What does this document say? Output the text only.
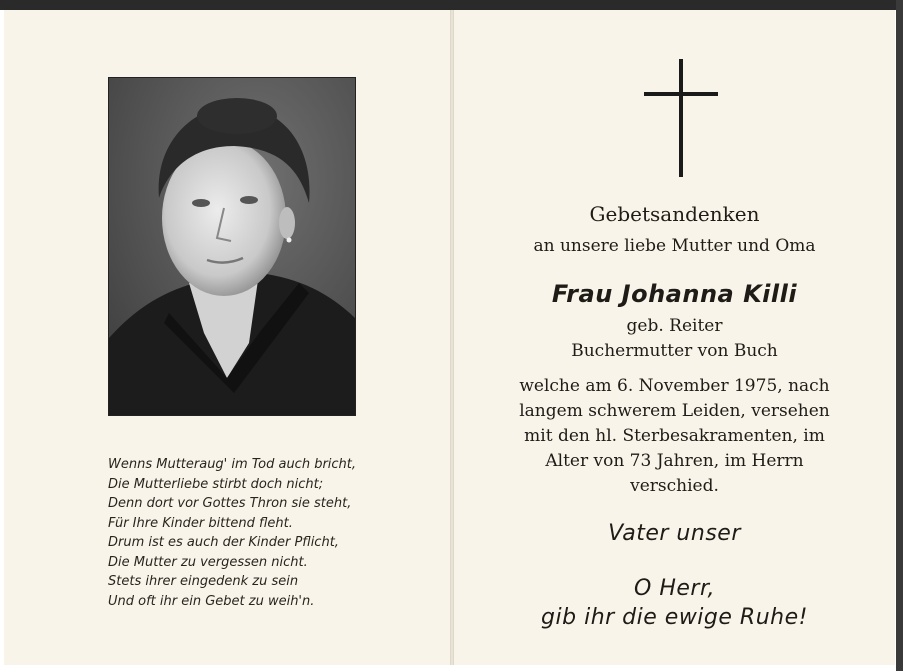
Wenns Mutteraug' im Tod auch bricht,
Die Mutterliebe stirbt doch nicht;
Denn dort vor Gottes Thron sie steht,
Für Ihre Kinder bittend fleht.
Drum ist es auch der Kinder Pflicht,
Die Mutter zu vergessen nicht.
Stets ihrer eingedenk zu sein
Und oft ihr ein Gebet zu weih'n.
Gebetsandenken
an unsere liebe Mutter und Oma
Frau Johanna Killi
geb. Reiter
Buchermutter von Buch
welche am 6. November 1975, nach
langem schwerem Leiden, versehen
mit den hl. Sterbesakramenten, im
Alter von 73 Jahren, im Herrn
verschied.
Vater unser
O Herr,
gib ihr die ewige Ruhe!
